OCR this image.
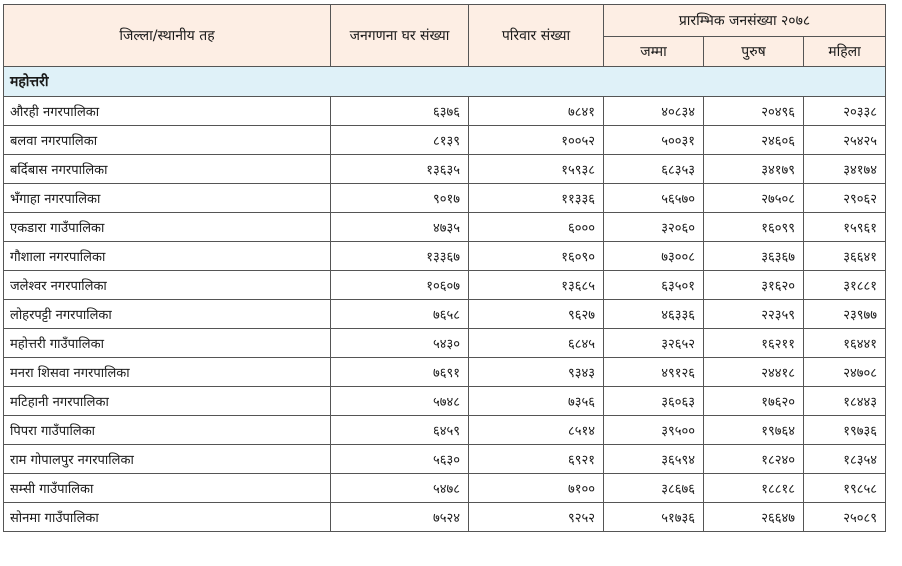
जिल्ला/स्थानीय तह	जनगणना घर संख्या	परिवार संख्या	प्रारम्भिक जनसंख्या २०७८		
			जम्मा	पुरुष	महिला
महोत्तरी					
औरही नगरपालिका	६३७६	७८४१	४०८३४	२०४९६	२०३३८
बलवा नगरपालिका	८१३९	१००५२	५००३१	२४६०६	२५४२५
बर्दिबास नगरपालिका	१३६३५	१५९३८	६८३५३	३४१७९	३४१७४
भँगाहा नगरपालिका	९०१७	११३३६	५६५७०	२७५०८	२९०६२
एकडारा गाउँपालिका	४७३५	६०००	३२०६०	१६०९९	१५९६१
गौशाला नगरपालिका	१३३६७	१६०९०	७३००८	३६३६७	३६६४१
जलेश्वर नगरपालिका	१०६०७	१३६८५	६३५०१	३१६२०	३१८८१
लोहरपट्टी नगरपालिका	७६५८	९६२७	४६३३६	२२३५९	२३९७७
महोत्तरी गाउँपालिका	५४३०	६८४५	३२६५२	१६२११	१६४४१
मनरा शिसवा नगरपालिका	७६९१	९३४३	४९१२६	२४४१८	२४७०८
मटिहानी नगरपालिका	५७४८	७३५६	३६०६३	१७६२०	१८४४३
पिपरा गाउँपालिका	६४५९	८५१४	३९५००	१९७६४	१९७३६
राम गोपालपुर नगरपालिका	५६३०	६९२१	३६५९४	१८२४०	१८३५४
सम्सी गाउँपालिका	५४७८	७१००	३८६७६	१८८१८	१९८५८
सोनमा गाउँपालिका	७५२४	९२५२	५१७३६	२६६४७	२५०८९
